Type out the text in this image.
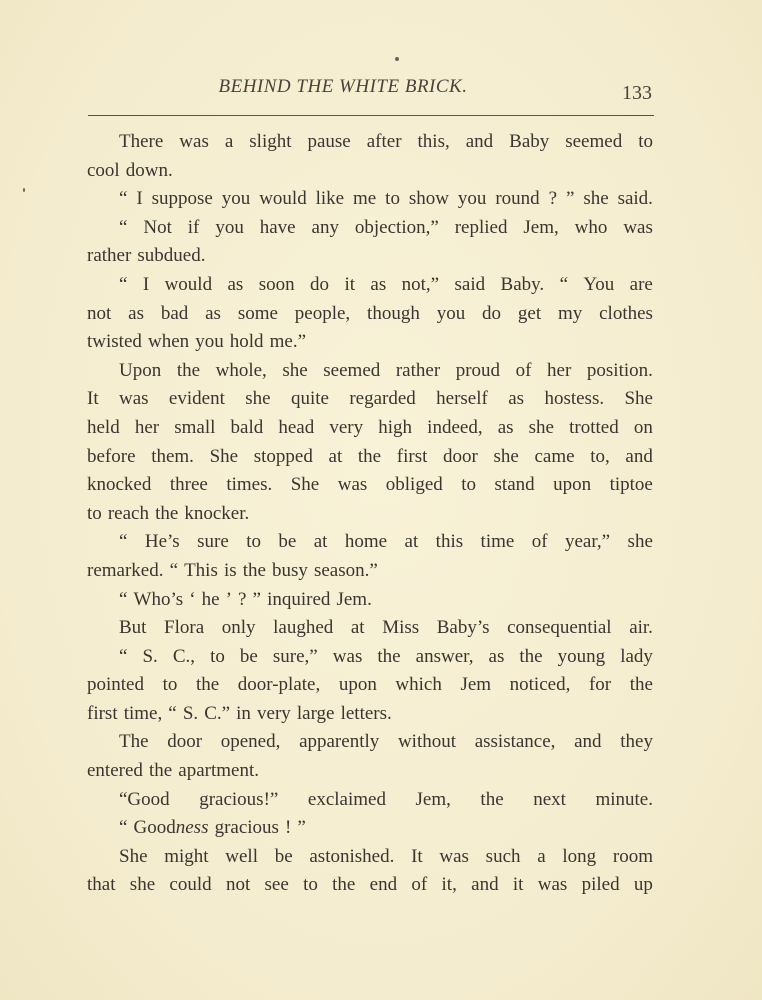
BEHIND THE WHITE BRICK.	133
There was a slight pause after this, and Baby seemed to
cool down.
“ I suppose you would like me to show you round ? ” she said.
“ Not if you have any objection,” replied Jem, who was
rather subdued.
“ I would as soon do it as not,” said Baby. “ You are
not as bad as some people, though you do get my clothes
twisted when you hold me.”
Upon the whole, she seemed rather proud of her position.
It was evident she quite regarded herself as hostess. She
held her small bald head very high indeed, as she trotted on
before them. She stopped at the first door she came to, and
knocked three times. She was obliged to stand upon tiptoe
to reach the knocker.
“ He’s sure to be at home at this time of year,” she
remarked. “ This is the busy season.”
“ Who’s ‘ he ’ ? ” inquired Jem.
But Flora only laughed at Miss Baby’s consequential air.
“ S. C., to be sure,” was the answer, as the young lady
pointed to the door-plate, upon which Jem noticed, for the
first time, “ S. C.” in very large letters.
The door opened, apparently without assistance, and they
entered the apartment.
“Good gracious!” exclaimed Jem, the next minute.
“ Goodness gracious ! ”
She might well be astonished. It was such a long room
that she could not see to the end of it, and it was piled up
